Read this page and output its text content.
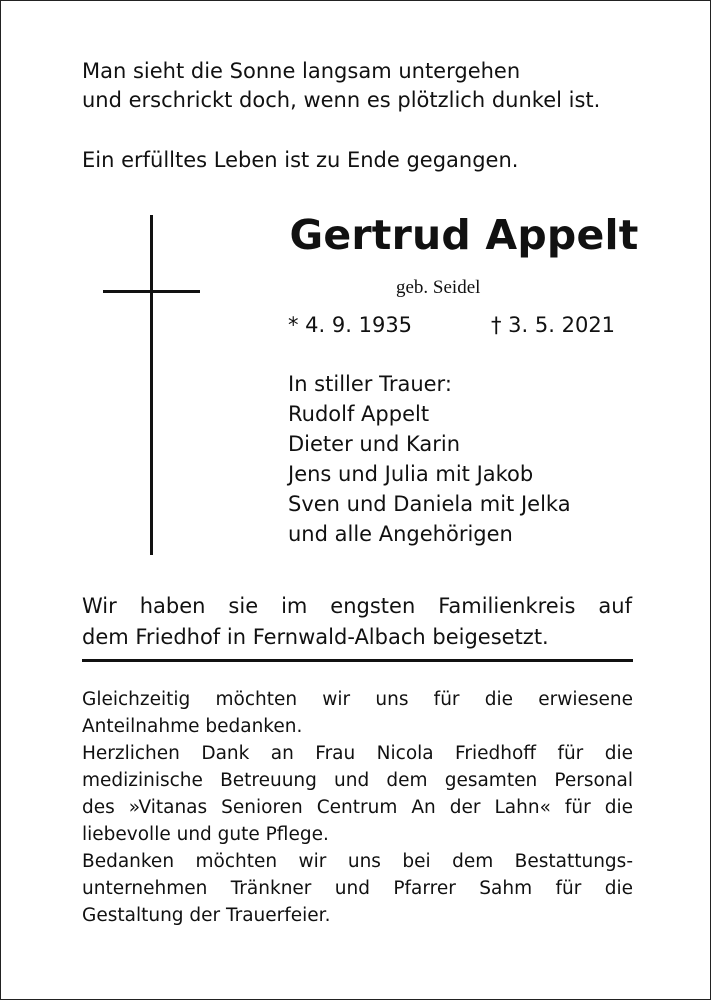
Man sieht die Sonne langsam untergehen
und erschrickt doch, wenn es plötzlich dunkel ist.
Ein erfülltes Leben ist zu Ende gegangen.
Gertrud Appelt
geb. Seidel
* 4. 9. 1935	† 3. 5. 2021
In stiller Trauer:
Rudolf Appelt
Dieter und Karin
Jens und Julia mit Jakob
Sven und Daniela mit Jelka
und alle Angehörigen
Wir haben sie im engsten Familienkreis auf
dem Friedhof in Fernwald-Albach beigesetzt.
Gleichzeitig möchten wir uns für die erwiesene
Anteilnahme bedanken.
Herzlichen Dank an Frau Nicola Friedhoff für die
medizinische Betreuung und dem gesamten Personal
des »Vitanas Senioren Centrum An der Lahn« für die
liebevolle und gute Pflege.
Bedanken möchten wir uns bei dem Bestattungs-
unternehmen Tränkner und Pfarrer Sahm für die
Gestaltung der Trauerfeier.
